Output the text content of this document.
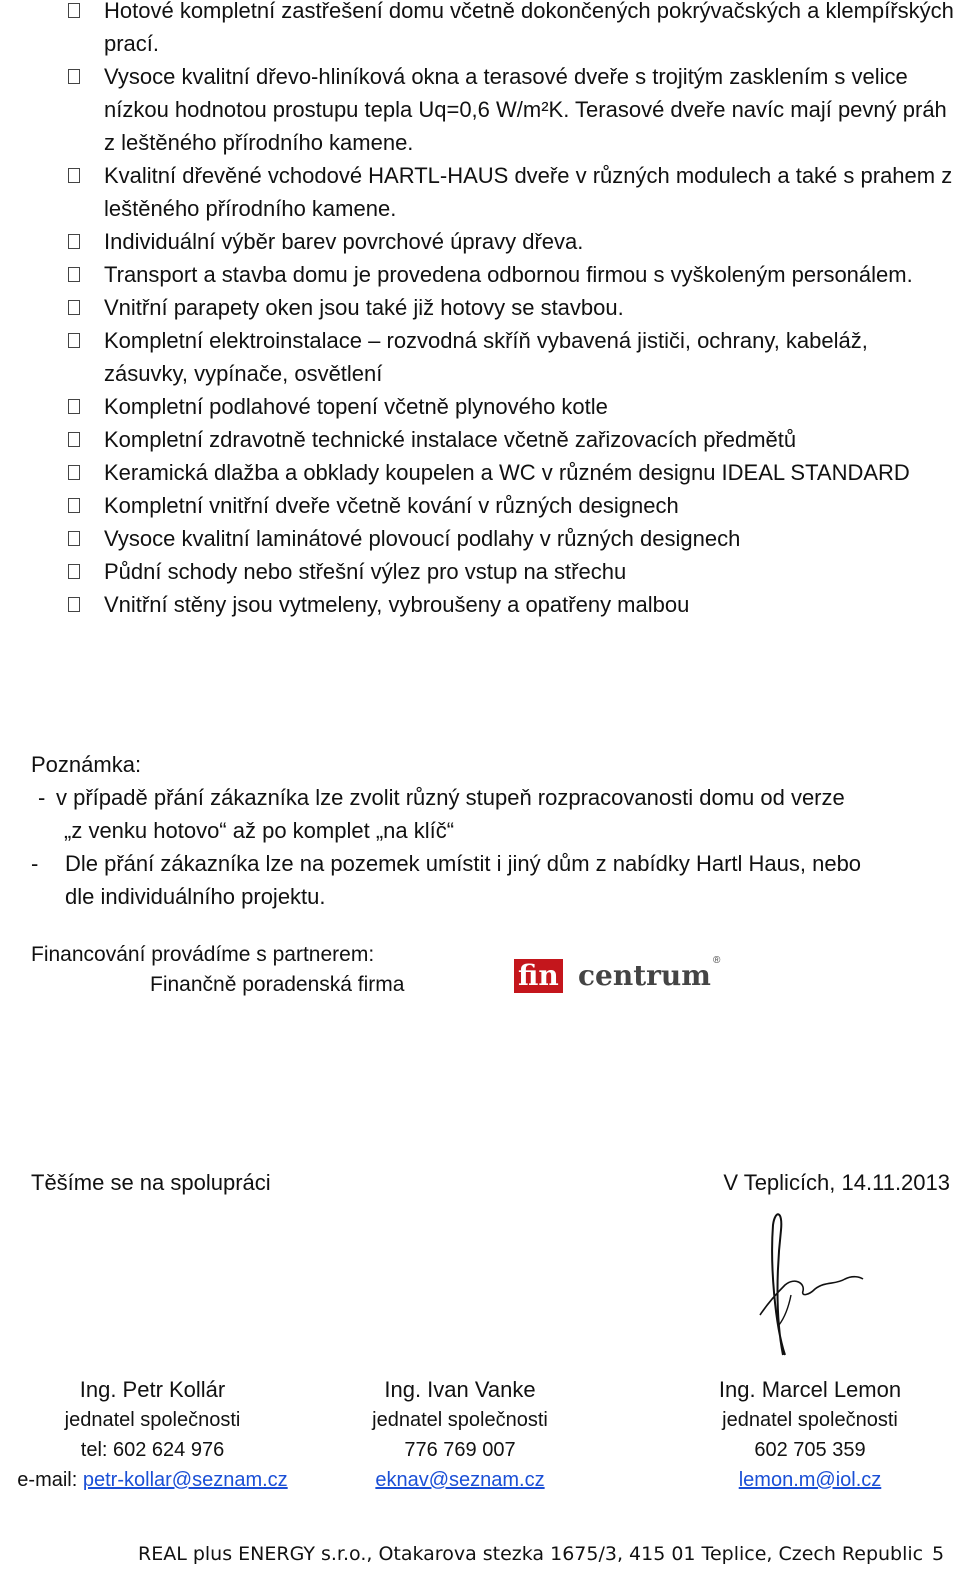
Hotové kompletní zastřešení domu včetně dokončených pokrývačských a klempířských prací.

Vysoce kvalitní dřevo-hliníková okna a terasové dveře s trojitým zasklením s velice nízkou hodnotou prostupu tepla Uq=0,6 W/m²K. Terasové dveře navíc mají pevný práh z leštěného přírodního kamene.

Kvalitní dřevěné vchodové HARTL-HAUS dveře v různých modulech a také s prahem z leštěného přírodního kamene.

Individuální výběr barev povrchové úpravy dřeva.

Transport a stavba domu je provedena odbornou firmou s vyškoleným personálem.

Vnitřní parapety oken jsou také již hotovy se stavbou.

Kompletní elektroinstalace – rozvodná skříň vybavená jističi, ochrany, kabeláž, zásuvky, vypínače, osvětlení

Kompletní podlahové topení včetně plynového kotle

Kompletní zdravotně technické instalace včetně zařizovacích předmětů

Keramická dlažba a obklady koupelen a WC v různém designu IDEAL STANDARD

Kompletní vnitřní dveře včetně kování v různých designech

Vysoce kvalitní laminátové plovoucí podlahy v různých designech

Půdní schody nebo střešní výlez pro vstup na střechu

Vnitřní stěny jsou vytmeleny, vybroušeny a opatřeny malbou

Poznámka:
- v případě přání zákazníka lze zvolit různý stupeň rozpracovanosti domu od verze
„z venku hotovo“ až po komplet „na klíč“
- Dle přání zákazníka lze na pozemek umístit i jiný dům z nabídky Hartl Haus, nebo
dle individuálního projektu.
Financování provádíme s partnerem:
Finančně poradenská firma	fin centrum ®
Těšíme se na spolupráci	V Teplicích, 14.11.2013
Ing. Petr Kollár
jednatel společnosti
tel: 602 624 976
e-mail: petr-kollar@seznam.cz
Ing. Ivan Vanke
jednatel společnosti
776 769 007
eknav@seznam.cz
Ing. Marcel Lemon
jednatel společnosti
602 705 359
lemon.m@iol.cz
REAL plus ENERGY s.r.o., Otakarova stezka 1675/3, 415 01 Teplice, Czech Republic 5
